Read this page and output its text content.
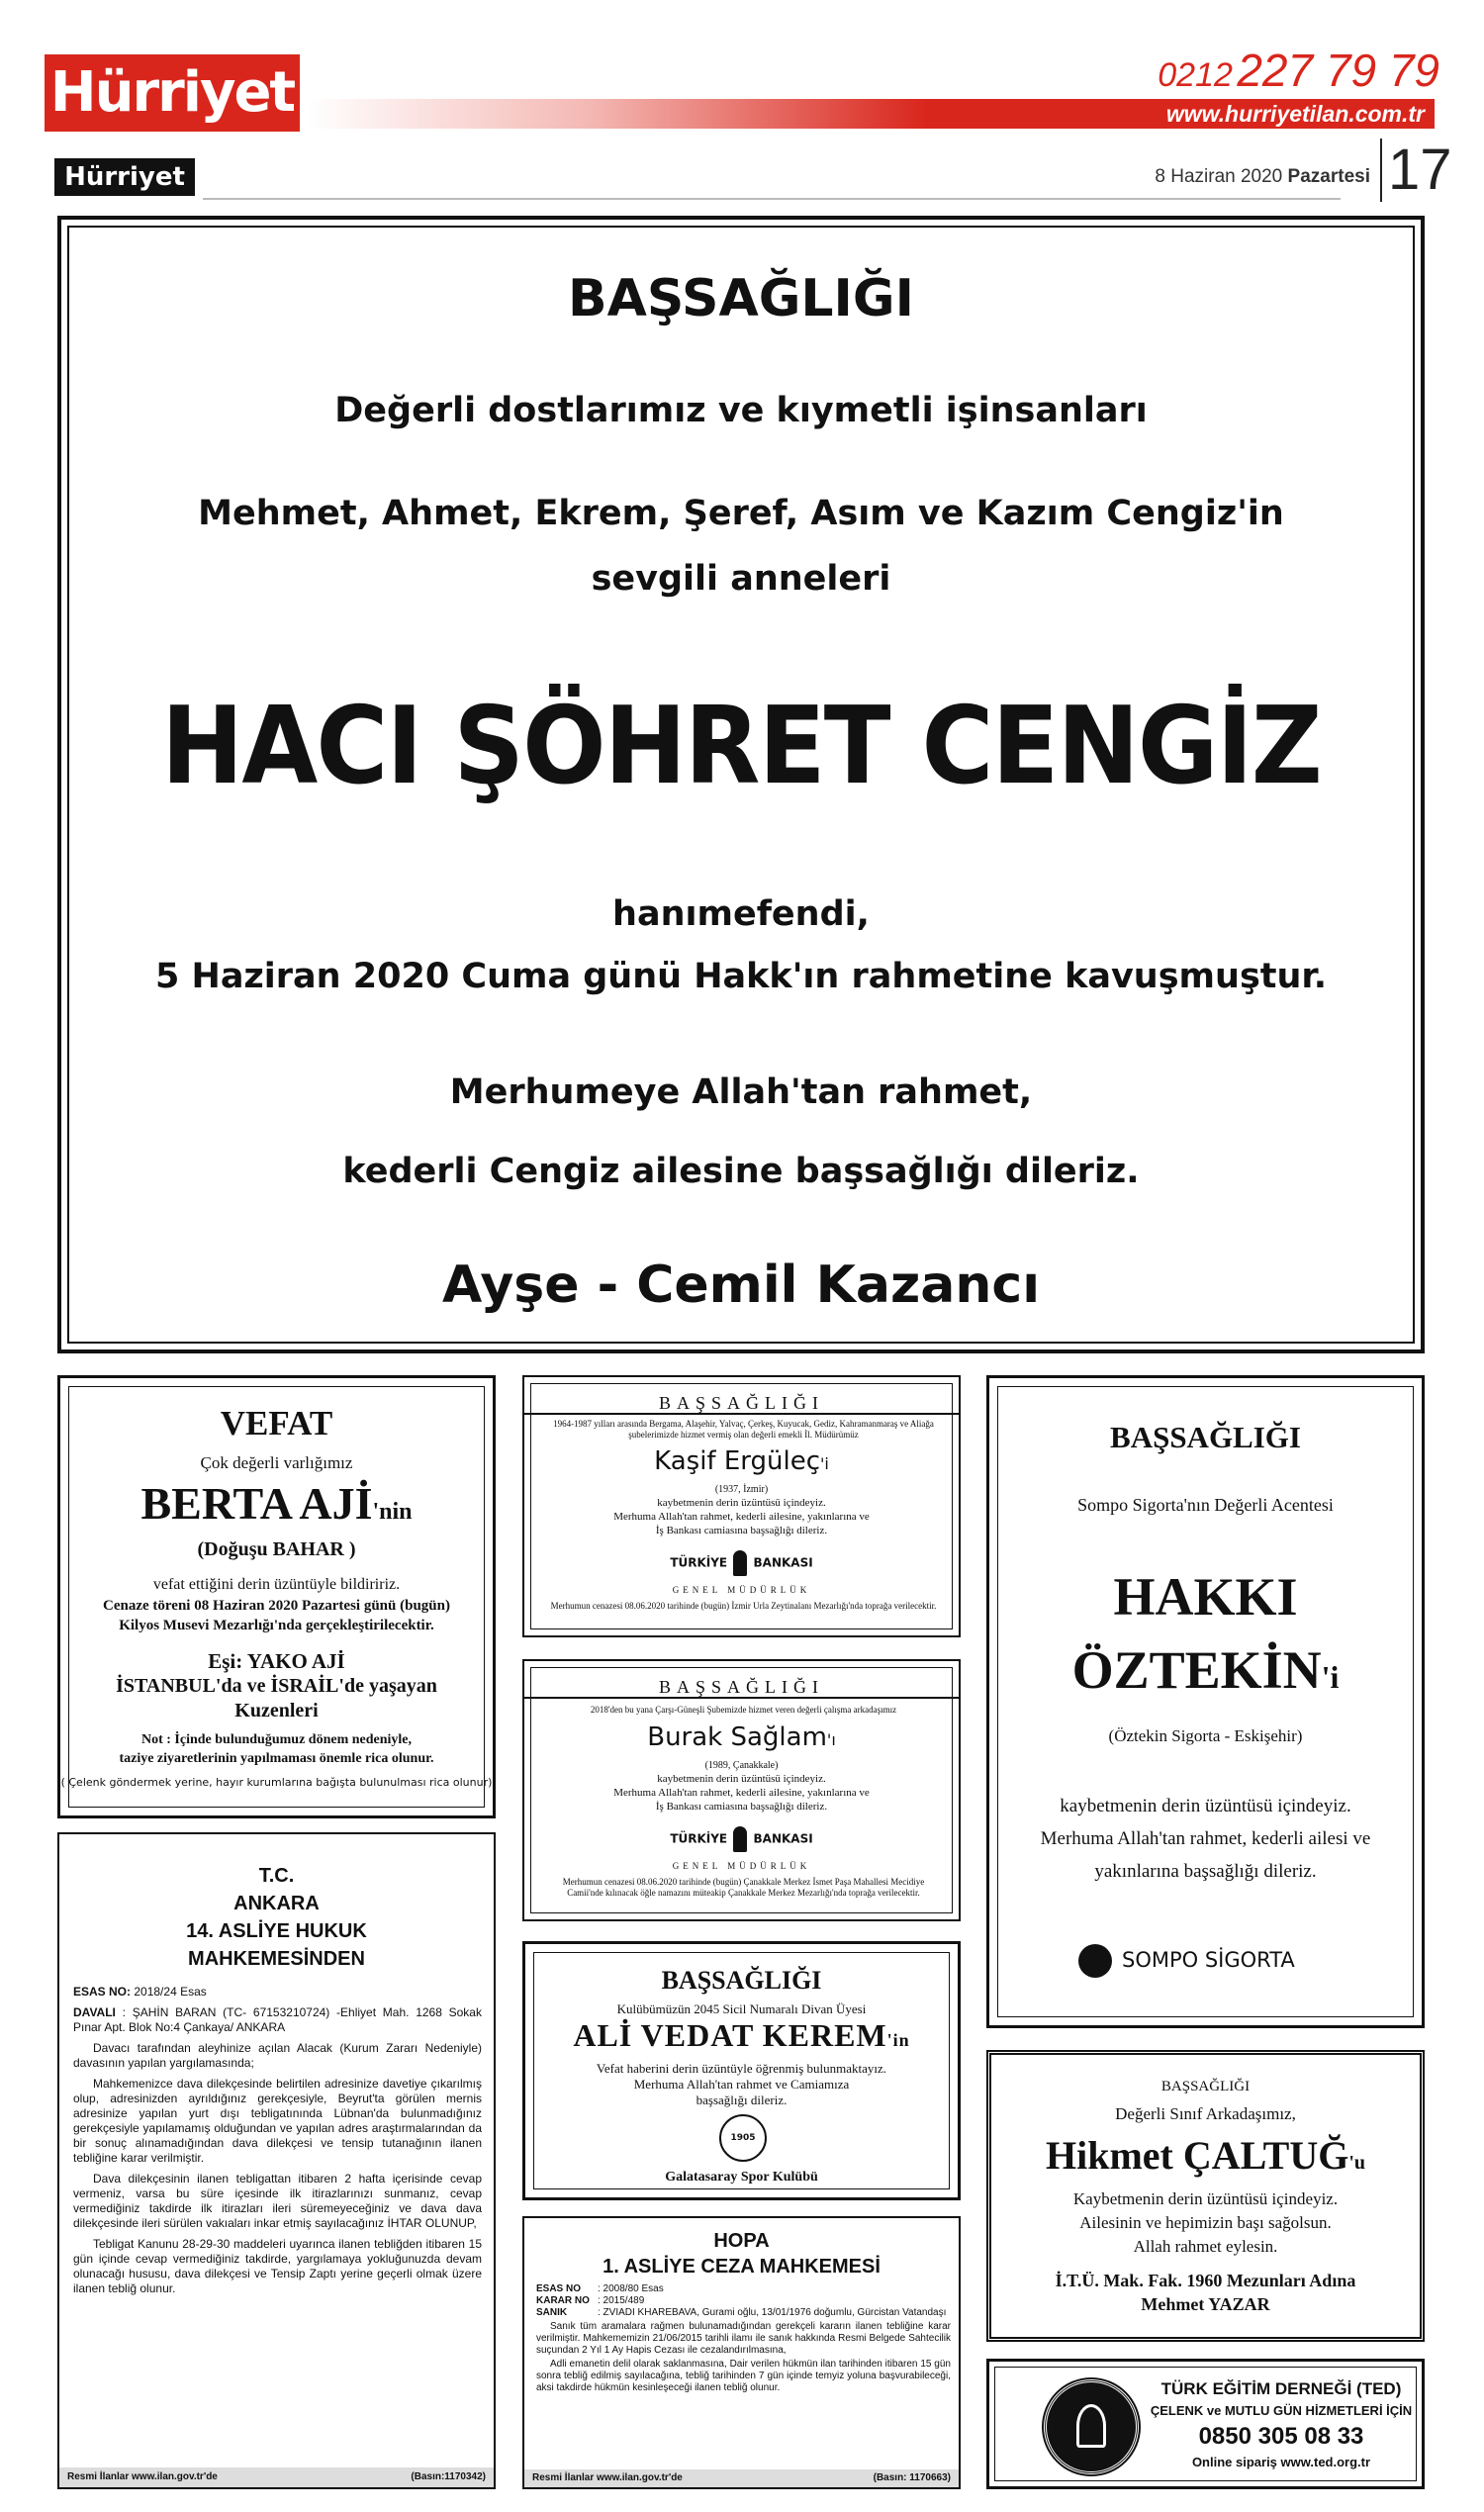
Hürriyet	0212 227 79 79
www.hurriyetilan.com.tr
Hürriyet	8 Haziran 2020 Pazartesi 17
BAŞSAĞLIĞI
Değerli dostlarımız ve kıymetli işinsanları
Mehmet, Ahmet, Ekrem, Şeref, Asım ve Kazım Cengiz'in
sevgili anneleri
HACI ŞÖHRET CENGİZ
hanımefendi,
5 Haziran 2020 Cuma günü Hakk'ın rahmetine kavuşmuştur.
Merhumeye Allah'tan rahmet,
kederli Cengiz ailesine başsağlığı dileriz.
Ayşe - Cemil Kazancı
VEFAT
Çok değerli varlığımız
BERTA AJİ'nin
(Doğuşu BAHAR )
vefat ettiğini derin üzüntüyle bildiririz.
Cenaze töreni 08 Haziran 2020 Pazartesi günü (bugün)
Kilyos Musevi Mezarlığı'nda gerçekleştirilecektir.
Eşi: YAKO AJİ
İSTANBUL'da ve İSRAİL'de yaşayan
Kuzenleri
Not : İçinde bulunduğumuz dönem nedeniyle,
taziye ziyaretlerinin yapılmaması önemle rica olunur.
( Çelenk göndermek yerine, hayır kurumlarına bağışta bulunulması rica olunur)
BAŞSAĞLIĞI
1964-1987 yılları arasında Bergama, Alaşehir, Yalvaç, Çerkeş, Kuyucak, Gediz, Kahramanmaraş ve Aliağa şubelerimizde hizmet vermiş olan değerli emekli İl. Müdürümüz
Kaşif Ergüleç'i
(1937, İzmir)
kaybetmenin derin üzüntüsü içindeyiz.
Merhuma Allah'tan rahmet, kederli ailesine, yakınlarına ve
İş Bankası camiasına başsağlığı dileriz.
TÜRKİYE BANKASI
GENEL MÜDÜRLÜK
Merhumun cenazesi 08.06.2020 tarihinde (bugün) İzmir Urla Zeytinalanı Mezarlığı'nda toprağa verilecektir.
BAŞSAĞLIĞI
2018'den bu yana Çarşı-Güneşli Şubemizde hizmet veren değerli çalışma arkadaşımız
Burak Sağlam'ı
(1989, Çanakkale)
kaybetmenin derin üzüntüsü içindeyiz.
Merhuma Allah'tan rahmet, kederli ailesine, yakınlarına ve
İş Bankası camiasına başsağlığı dileriz.
TÜRKİYE BANKASI
GENEL MÜDÜRLÜK
Merhumun cenazesi 08.06.2020 tarihinde (bugün) Çanakkale Merkez İsmet Paşa Mahallesi Mecidiye Camii'nde kılınacak öğle namazını müteakip Çanakkale Merkez Mezarlığı'nda toprağa verilecektir.
BAŞSAĞLIĞI
Kulübümüzün 2045 Sicil Numaralı Divan Üyesi
ALİ VEDAT KEREM'in
Vefat haberini derin üzüntüyle öğrenmiş bulunmaktayız.
Merhuma Allah'tan rahmet ve Camiamıza
başsağlığı dileriz.
1905
Galatasaray Spor Kulübü
BAŞSAĞLIĞI
Sompo Sigorta'nın Değerli Acentesi
HAKKI
ÖZTEKİN'i
(Öztekin Sigorta - Eskişehir)
kaybetmenin derin üzüntüsü içindeyiz.
Merhuma Allah'tan rahmet, kederli ailesi ve
yakınlarına başsağlığı dileriz.
SOMPO SİGORTA
BAŞSAĞLIĞI
Değerli Sınıf Arkadaşımız,
Hikmet ÇALTUĞ'u
Kaybetmenin derin üzüntüsü içindeyiz.
Ailesinin ve hepimizin başı sağolsun.
Allah rahmet eylesin.
İ.T.Ü. Mak. Fak. 1960 Mezunları Adına
Mehmet YAZAR
TÜRK EĞİTİM DERNEĞİ (TED)
ÇELENK ve MUTLU GÜN HİZMETLERİ İÇİN
0850 305 08 33
Online sipariş www.ted.org.tr
T.C.
ANKARA
14. ASLİYE HUKUK
MAHKEMESİNDEN

ESAS NO: 2018/24 Esas

DAVALI : ŞAHİN BARAN (TC- 67153210724) -Ehliyet Mah. 1268 Sokak Pınar Apt. Blok No:4 Çankaya/ ANKARA

Davacı tarafından aleyhinize açılan Alacak (Kurum Zararı Nedeniyle) davasının yapılan yargılamasında;

Mahkemenizce dava dilekçesinde belirtilen adresinize davetiye çıkarılmış olup, adresinizden ayrıldığınız gerekçesiyle, Beyrut'ta görülen mernis adresinize yapılan yurt dışı tebligatınında Lübnan'da bulunmadığınız gerekçesiyle yapılamamış olduğundan ve yapılan adres araştırmalarından da bir sonuç alınamadığından dava dilekçesi ve tensip tutanağının ilanen tebliğine karar verilmiştir.

Dava dilekçesinin ilanen tebligattan itibaren 2 hafta içerisinde cevap vermeniz, varsa bu süre içesinde ilk itirazlarınızı sunmanız, cevap vermediğiniz takdirde ilk itirazları ileri süremeyeceğiniz ve dava dava dilekçesinde ileri sürülen vakıaları inkar etmiş sayılacağınız İHTAR OLUNUP,

Tebligat Kanunu 28-29-30 maddeleri uyarınca ilanen tebliğden itibaren 15 gün içinde cevap vermediğiniz takdirde, yargılamaya yokluğunuzda devam olunacağı hususu, dava dilekçesi ve Tensip Zaptı yerine geçerli olmak üzere ilanen tebliğ olunur.

Resmi İlanlar www.ilan.gov.tr'de	(Basın:1170342)
HOPA
1. ASLİYE CEZA MAHKEMESİ

ESAS NO : 2008/80 Esas

KARAR NO : 2015/489

SANIK	: ZVIADI KHAREBAVA, Gurami oğlu, 13/01/1976 doğumlu, Gürcistan Vatandaşı

Sanık tüm aramalara rağmen bulunamadığından gerekçeli kararın ilanen tebliğine karar verilmiştir. Mahkememizin 21/06/2015 tarihli ilamı ile sanık hakkında Resmi Belgede Sahtecilik suçundan 2 Yıl 1 Ay Hapis Cezası ile cezalandırılmasına,

Adli emanetin delil olarak saklanmasına, Dair verilen hükmün ilan tarihinden itibaren 15 gün sonra tebliğ edilmiş sayılacağına, tebliğ tarihinden 7 gün içinde temyiz yoluna başvurabileceği, aksi takdirde hükmün kesinleşeceği ilanen tebliğ olunur.

Resmi İlanlar www.ilan.gov.tr'de	(Basın: 1170663)
